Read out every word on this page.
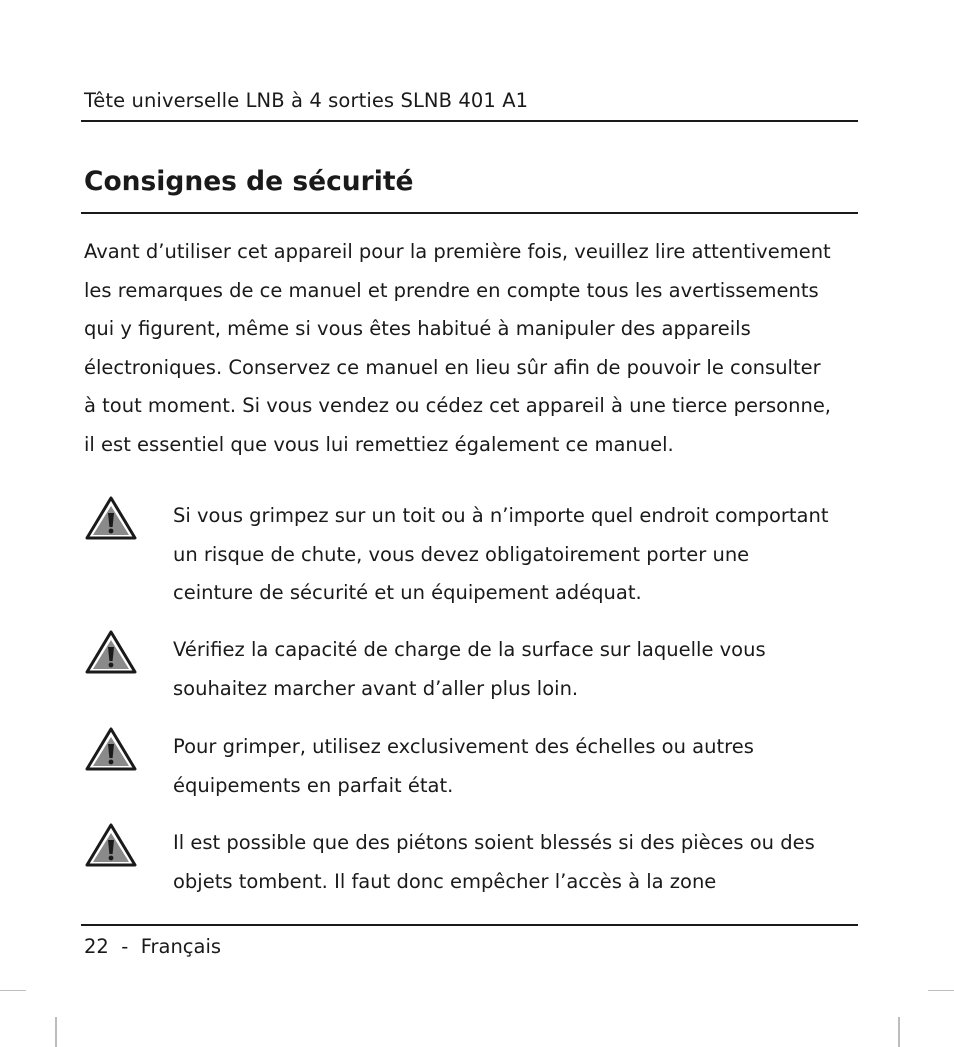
Tête universelle LNB à 4 sorties SLNB 401 A1
Consignes de sécurité

Avant d’utiliser cet appareil pour la première fois, veuillez lire attentivement
les remarques de ce manuel et prendre en compte tous les avertissements
qui y figurent, même si vous êtes habitué à manipuler des appareils
électroniques. Conservez ce manuel en lieu sûr afin de pouvoir le consulter
à tout moment. Si vous vendez ou cédez cet appareil à une tierce personne,
il est essentiel que vous lui remettiez également ce manuel.

Si vous grimpez sur un toit ou à n’importe quel endroit comportant
un risque de chute, vous devez obligatoirement porter une
ceinture de sécurité et un équipement adéquat.

Vérifiez la capacité de charge de la surface sur laquelle vous
souhaitez marcher avant d’aller plus loin.

Pour grimper, utilisez exclusivement des échelles ou autres
équipements en parfait état.

Il est possible que des piétons soient blessés si des pièces ou des
objets tombent. Il faut donc empêcher l’accès à la zone

22 - Français
